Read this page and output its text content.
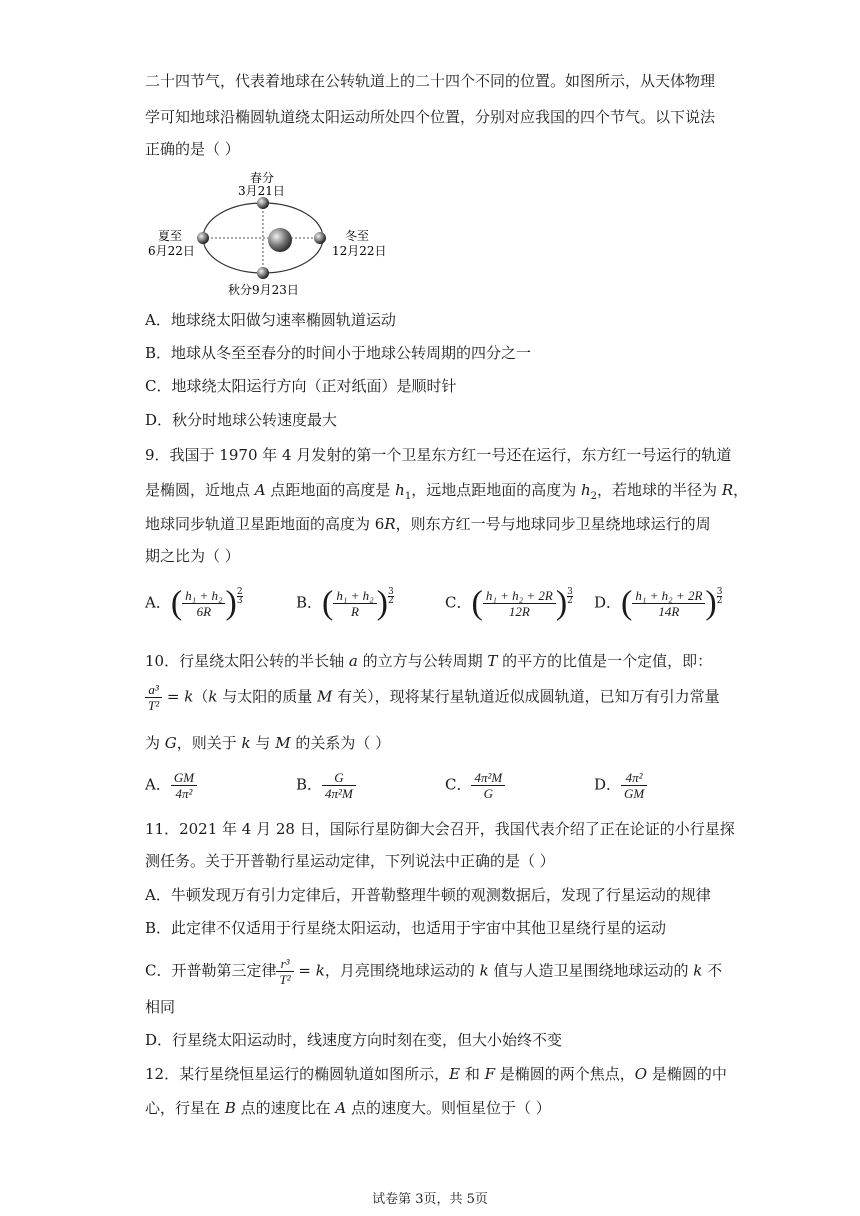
二十四节气，代表着地球在公转轨道上的二十四个不同的位置。如图所示，从天体物理
学可知地球沿椭圆轨道绕太阳运动所处四个位置，分别对应我国的四个节气。以下说法
正确的是（ ）
春分
3月21日
夏至
6月22日
冬至
12月22日
秋分9月23日
A．地球绕太阳做匀速率椭圆轨道运动
B．地球从冬至至春分的时间小于地球公转周期的四分之一
C．地球绕太阳运行方向（正对纸面）是顺时针
D．秋分时地球公转速度最大
9．我国于 1970 年 4 月发射的第一个卫星东方红一号还在运行，东方红一号运行的轨道
是椭圆，近地点 A 点距地面的高度是 $h_1$，远地点距地面的高度为 $h_2$，若地球的半径为 R，
地球同步轨道卫星距地面的高度为 6R，则东方红一号与地球同步卫星绕地球运行的周
期之比为（ ）
A．( $\frac{\text{h₁ + h₂}}{6R}$ ) $\frac{2}{3}$	B．( $\frac{\text{h₁ + h₂}}{R}$ ) $\frac{3}{2}$	C．( $\frac{\text{h₁ + h₂ + 2R}}{12R}$ ) $\frac{3}{2}$ D．( $\frac{\text{h₁ + h₂ + 2R}}{14R}$ ) $\frac{3}{2}$
10．行星绕太阳公转的半长轴 a 的立方与公转周期 T 的平方的比值是一个定值，即：
$\frac{\text{a³}}{\text{T²}} = k(k$ 与太阳的质量 M 有关），现将某行星轨道近似成圆轨道，已知万有引力常量
为 G，则关于 k 与 M 的关系为（ ）
A． $\frac{GM}{\text{4π²}}$	B． $\frac{G}{\text{4π²M}}$	C． $\frac{\text{4π²M}}{G}$	D． $\frac{\text{4π²}}{GM}$
11．2021 年 4 月 28 日，国际行星防御大会召开，我国代表介绍了正在论证的小行星探
测任务。关于开普勒行星运动定律，下列说法中正确的是（ ）
A．牛顿发现万有引力定律后，开普勒整理牛顿的观测数据后，发现了行星运动的规律
B．此定律不仅适用于行星绕太阳运动，也适用于宇宙中其他卫星绕行星的运动
C．开普勒第三定律 $\frac{\text{r³}}{\text{T²}} = k$，月亮围绕地球运动的 k 值与人造卫星围绕地球运动的 k 不
相同
D．行星绕太阳运动时，线速度方向时刻在变，但大小始终不变
12．某行星绕恒星运行的椭圆轨道如图所示，E 和 F 是椭圆的两个焦点，O 是椭圆的中
心，行星在 B 点的速度比在 A 点的速度大。则恒星位于（ ）
试卷第 3页，共 5页
